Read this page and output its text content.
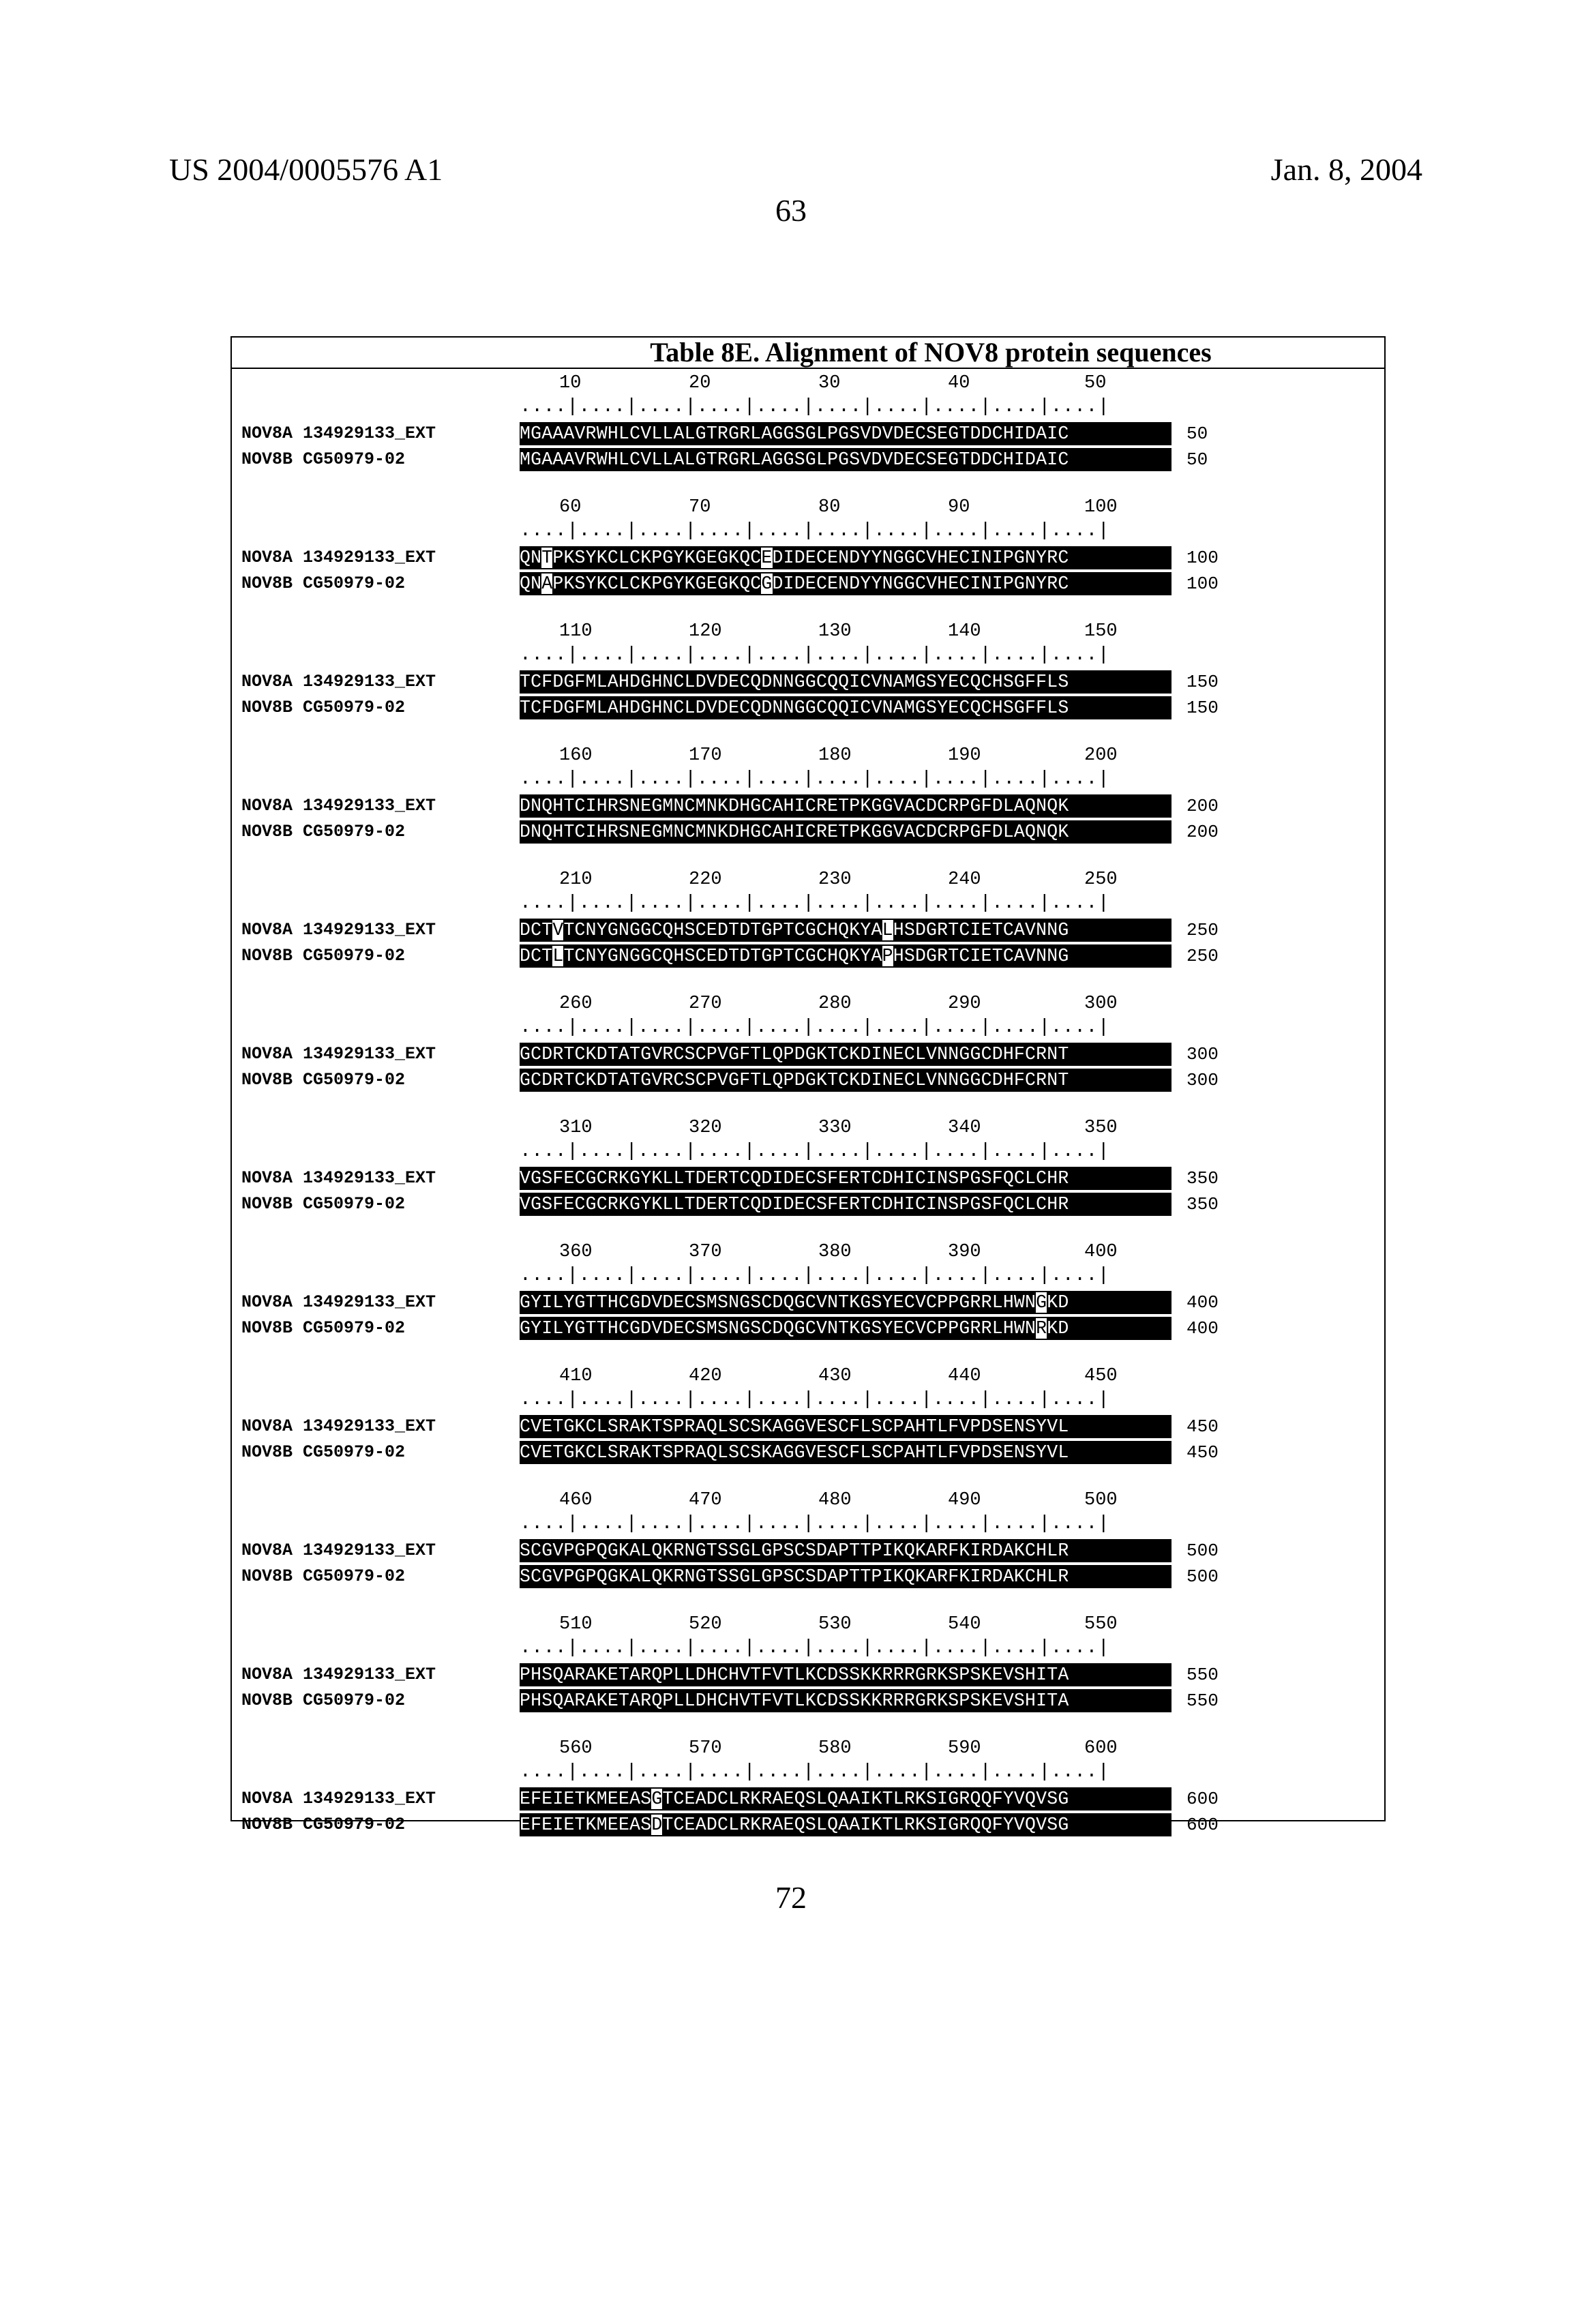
US 2004/0005576 A1	Jan. 8, 2004
63
Table 8E. Alignment of NOV8 protein sequences
10	20	30	40	50
....|....|....|....|....|....|....|....|....|....|
NOV8A 134929133_EXT	MGAAAVRWHLCVLLALGTRGRLAGGSGLPGSVDVDECSEGTDDCHIDAIC	50
NOV8B CG50979-02	MGAAAVRWHLCVLLALGTRGRLAGGSGLPGSVDVDECSEGTDDCHIDAIC	50
60	70	80	90	100
....|....|....|....|....|....|....|....|....|....|
NOV8A 134929133_EXT	QNTPKSYKCLCKPGYKGEGKQCEDIDECENDYYNGGCVHECINIPGNYRC	100
NOV8B CG50979-02	QNAPKSYKCLCKPGYKGEGKQCGDIDECENDYYNGGCVHECINIPGNYRC	100
110	120	130	140	150
....|....|....|....|....|....|....|....|....|....|
NOV8A 134929133_EXT	TCFDGFMLAHDGHNCLDVDECQDNNGGCQQICVNAMGSYECQCHSGFFLS	150
NOV8B CG50979-02	TCFDGFMLAHDGHNCLDVDECQDNNGGCQQICVNAMGSYECQCHSGFFLS	150
160	170	180	190	200
....|....|....|....|....|....|....|....|....|....|
NOV8A 134929133_EXT	DNQHTCIHRSNEGMNCMNKDHGCAHICRETPKGGVACDCRPGFDLAQNQK	200
NOV8B CG50979-02	DNQHTCIHRSNEGMNCMNKDHGCAHICRETPKGGVACDCRPGFDLAQNQK	200
210	220	230	240	250
....|....|....|....|....|....|....|....|....|....|
NOV8A 134929133_EXT	DCTVTCNYGNGGCQHSCEDTDTGPTCGCHQKYALHSDGRTCIETCAVNNG	250
NOV8B CG50979-02	DCTLTCNYGNGGCQHSCEDTDTGPTCGCHQKYAPHSDGRTCIETCAVNNG	250
260	270	280	290	300
....|....|....|....|....|....|....|....|....|....|
NOV8A 134929133_EXT	GCDRTCKDTATGVRCSCPVGFTLQPDGKTCKDINECLVNNGGCDHFCRNT	300
NOV8B CG50979-02	GCDRTCKDTATGVRCSCPVGFTLQPDGKTCKDINECLVNNGGCDHFCRNT	300
310	320	330	340	350
....|....|....|....|....|....|....|....|....|....|
NOV8A 134929133_EXT	VGSFECGCRKGYKLLTDERTCQDIDECSFERTCDHICINSPGSFQCLCHR	350
NOV8B CG50979-02	VGSFECGCRKGYKLLTDERTCQDIDECSFERTCDHICINSPGSFQCLCHR	350
360	370	380	390	400
....|....|....|....|....|....|....|....|....|....|
NOV8A 134929133_EXT	GYILYGTTHCGDVDECSMSNGSCDQGCVNTKGSYECVCPPGRRLHWNGKD	400
NOV8B CG50979-02	GYILYGTTHCGDVDECSMSNGSCDQGCVNTKGSYECVCPPGRRLHWNRKD	400
410	420	430	440	450
....|....|....|....|....|....|....|....|....|....|
NOV8A 134929133_EXT	CVETGKCLSRAKTSPRAQLSCSKAGGVESCFLSCPAHTLFVPDSENSYVL	450
NOV8B CG50979-02	CVETGKCLSRAKTSPRAQLSCSKAGGVESCFLSCPAHTLFVPDSENSYVL	450
460	470	480	490	500
....|....|....|....|....|....|....|....|....|....|
NOV8A 134929133_EXT	SCGVPGPQGKALQKRNGTSSGLGPSCSDAPTTPIKQKARFKIRDAKCHLR	500
NOV8B CG50979-02	SCGVPGPQGKALQKRNGTSSGLGPSCSDAPTTPIKQKARFKIRDAKCHLR	500
510	520	530	540	550
....|....|....|....|....|....|....|....|....|....|
NOV8A 134929133_EXT	PHSQARAKETARQPLLDHCHVTFVTLKCDSSKKRRRGRKSPSKEVSHITA	550
NOV8B CG50979-02	PHSQARAKETARQPLLDHCHVTFVTLKCDSSKKRRRGRKSPSKEVSHITA	550
560	570	580	590	600
....|....|....|....|....|....|....|....|....|....|
NOV8A 134929133_EXT	EFEIETKMEEASGTCEADCLRKRAEQSLQAAIKTLRKSIGRQQFYVQVSG	600
NOV8B CG50979-02	EFEIETKMEEASDTCEADCLRKRAEQSLQAAIKTLRKSIGRQQFYVQVSG	600
72
